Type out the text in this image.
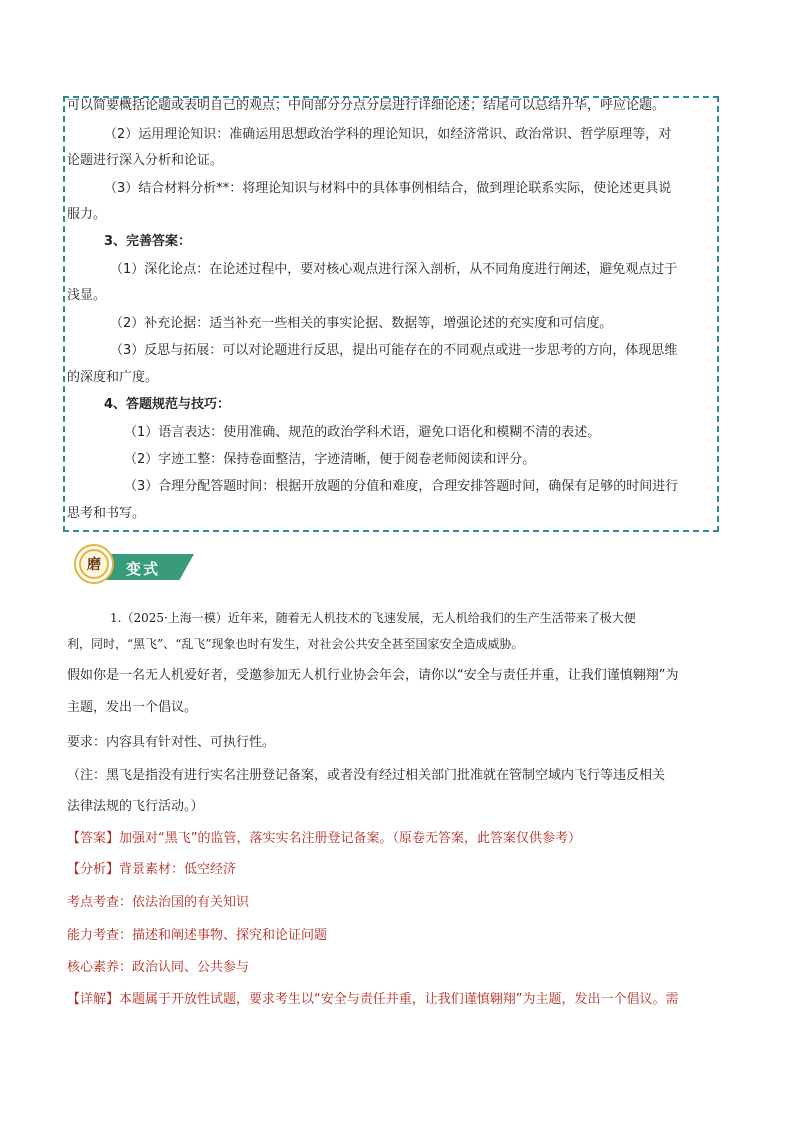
可以简要概括论题或表明自己的观点；中间部分分点分层进行详细论述；结尾可以总结升华，呼应论题。
（2）运用理论知识：准确运用思想政治学科的理论知识，如经济常识、政治常识、哲学原理等，对
论题进行深入分析和论证。
（3）结合材料分析**：将理论知识与材料中的具体事例相结合，做到理论联系实际，使论述更具说
服力。
3、完善答案：
（1）深化论点：在论述过程中，要对核心观点进行深入剖析，从不同角度进行阐述，避免观点过于
浅显。
（2）补充论据：适当补充一些相关的事实论据、数据等，增强论述的充实度和可信度。
（3）反思与拓展：可以对论题进行反思，提出可能存在的不同观点或进一步思考的方向，体现思维
的深度和广度。
4、答题规范与技巧：
（1）语言表达：使用准确、规范的政治学科术语，避免口语化和模糊不清的表述。
（2）字迹工整：保持卷面整洁，字迹清晰，便于阅卷老师阅读和评分。
（3）合理分配答题时间：根据开放题的分值和难度，合理安排答题时间，确保有足够的时间进行
思考和书写。
磨	变式
1.（2025·上海一模）近年来，随着无人机技术的飞速发展，无人机给我们的生产生活带来了极大便
利，同时，“黑飞”、“乱飞”现象也时有发生，对社会公共安全甚至国家安全造成威胁。
假如你是一名无人机爱好者，受邀参加无人机行业协会年会，请你以“安全与责任并重，让我们谨慎翱翔”为
主题，发出一个倡议。
要求：内容具有针对性、可执行性。
（注：黑飞是指没有进行实名注册登记备案，或者没有经过相关部门批准就在管制空域内飞行等违反相关
法律法规的飞行活动。）
【答案】加强对“黑飞”的监管，落实实名注册登记备案。（原卷无答案，此答案仅供参考）
【分析】背景素材：低空经济
考点考查：依法治国的有关知识
能力考查：描述和阐述事物、探究和论证问题
核心素养：政治认同、公共参与
【详解】本题属于开放性试题，要求考生以“安全与责任并重，让我们谨慎翱翔”为主题，发出一个倡议。需
